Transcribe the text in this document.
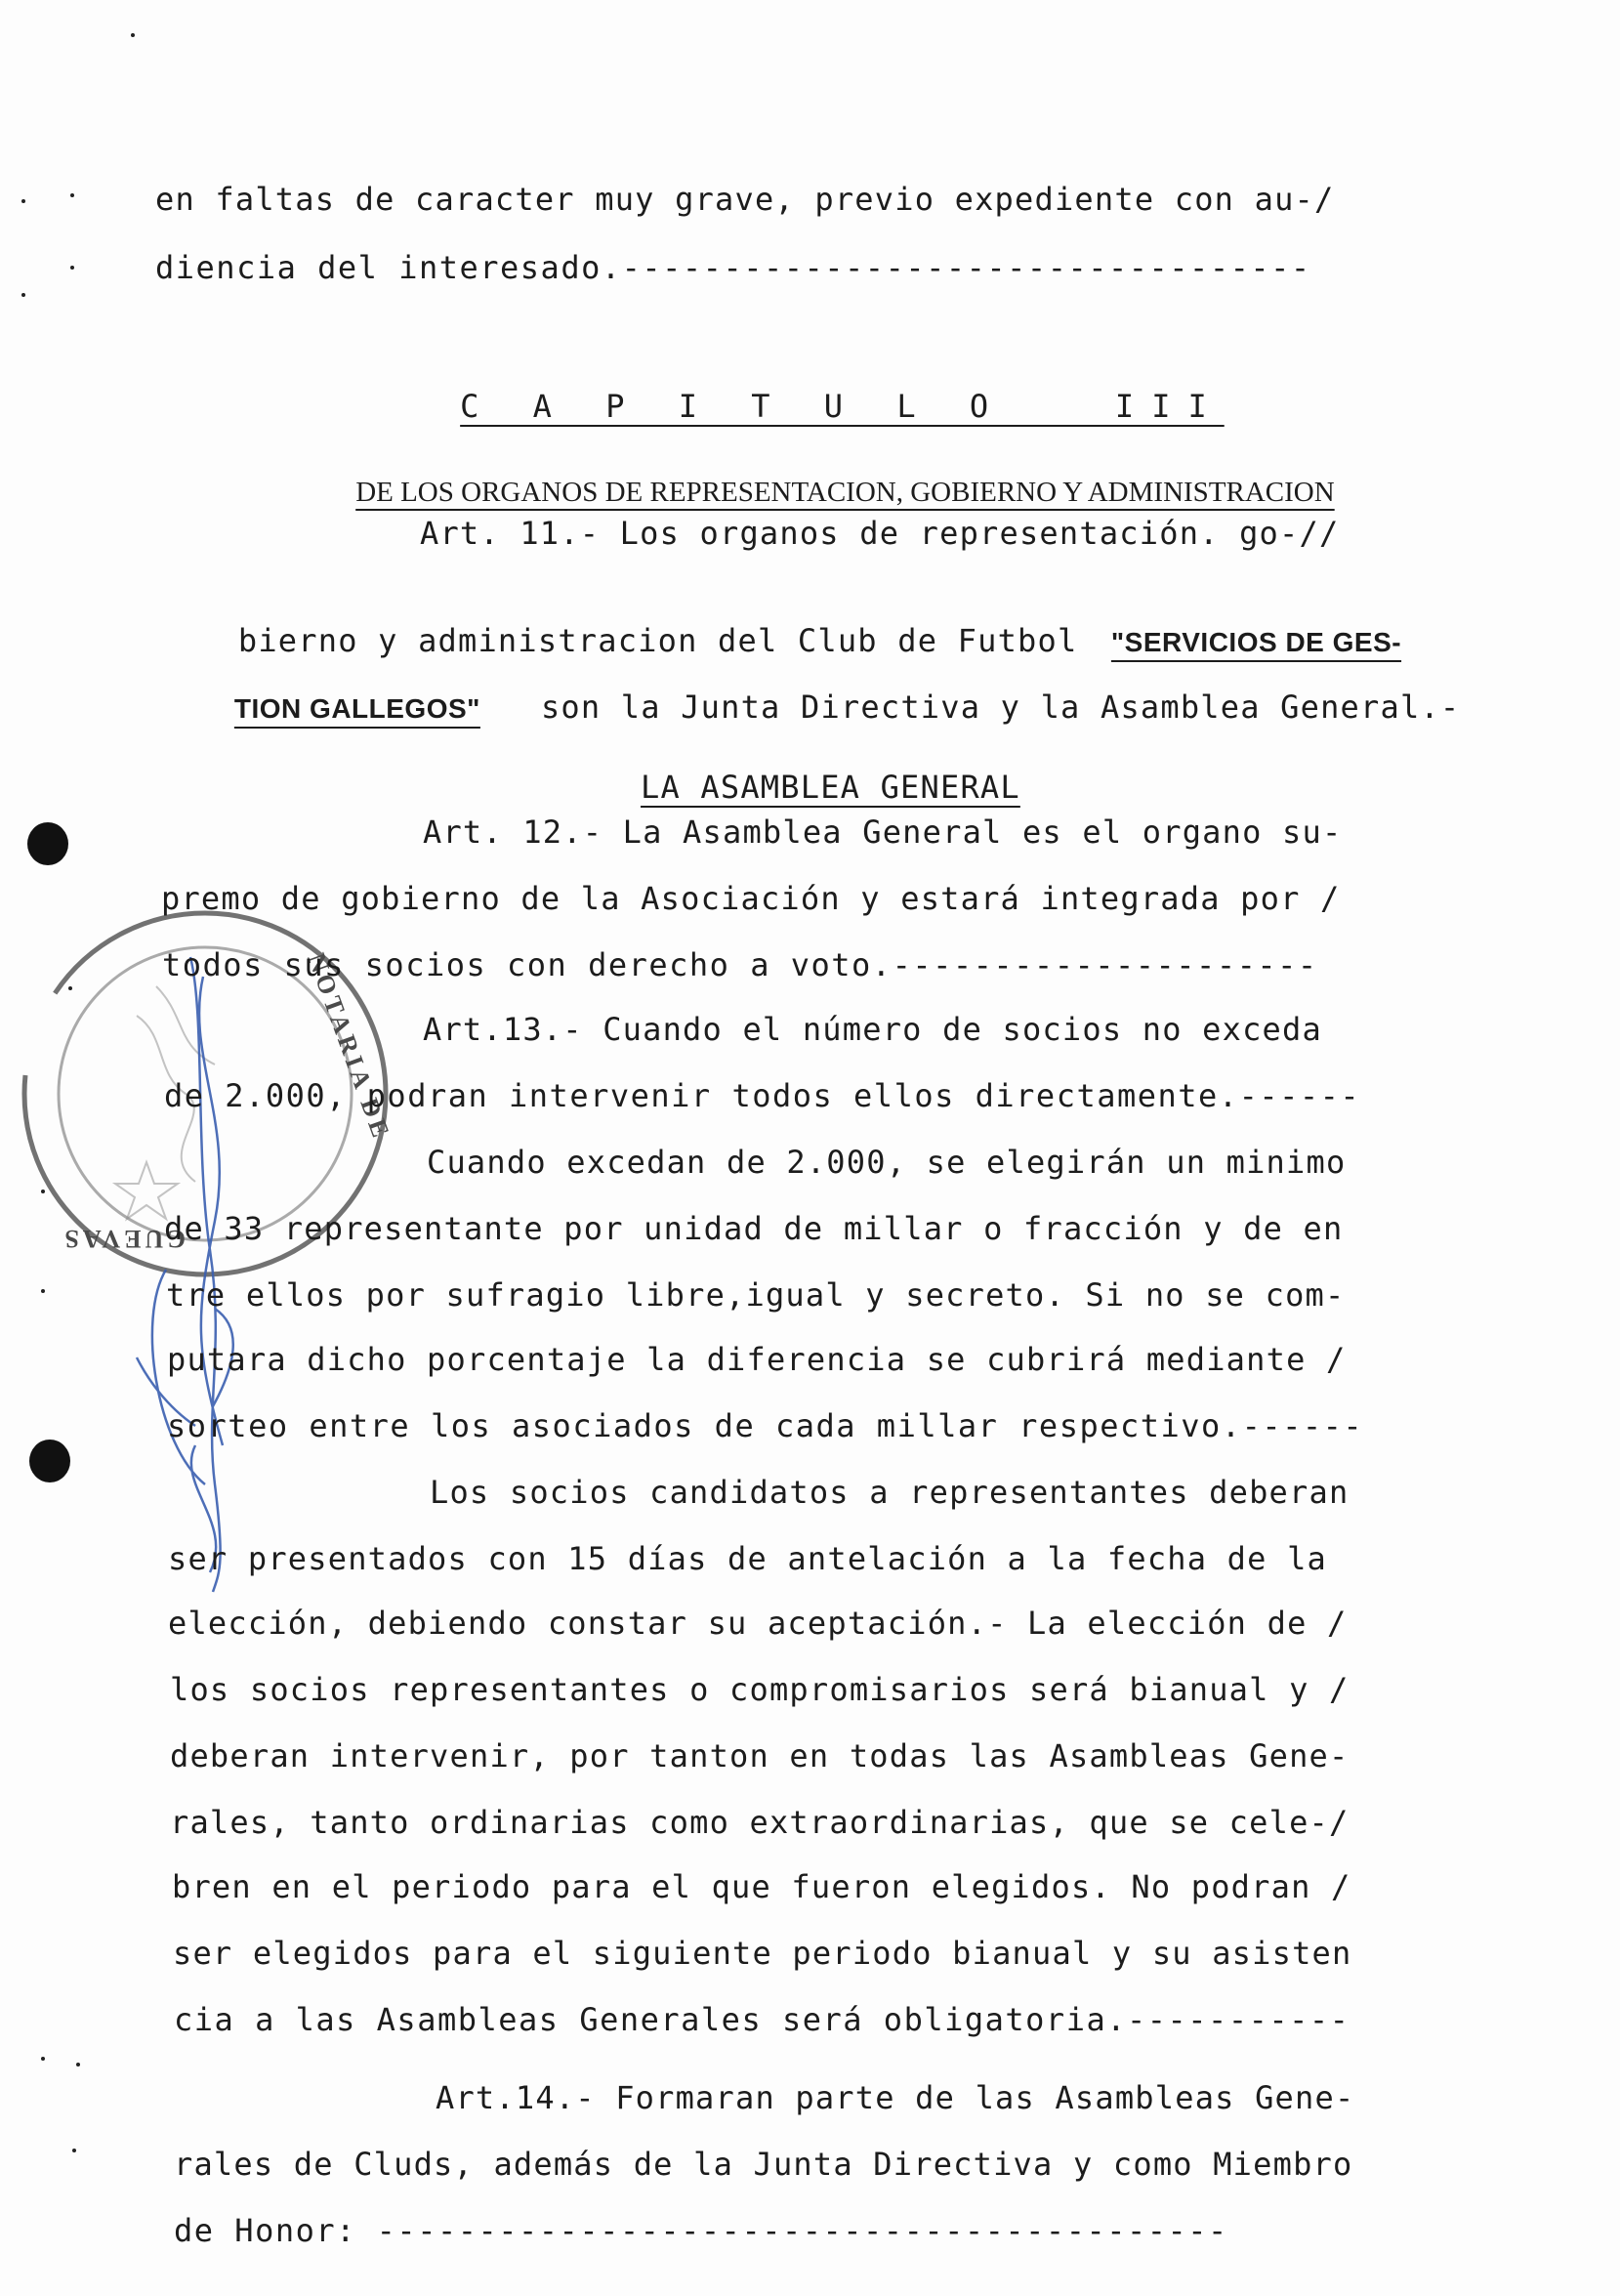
NOTARIA DE
CUEVAS
en faltas de caracter muy grave, previo expediente con au-/
diencia del interesado.----------------------------------

C A P I T U L O   III

DE LOS ORGANOS DE REPRESENTACION, GOBIERNO Y ADMINISTRACION

Art. 11.- Los organos de representación. go-//

bierno y administracion del Club de Futbol "SERVICIOS DE GES-

TION GALLEGOS" son la Junta Directiva y la Asamblea General.-

LA ASAMBLEA GENERAL

Art. 12.- La Asamblea General es el organo su-
premo de gobierno de la Asociación y estará integrada por /
todos sus socios con derecho a voto.---------------------
Art.13.- Cuando el número de socios no exceda
de 2.000, podran intervenir todos ellos directamente.------
Cuando excedan de 2.000, se elegirán un minimo
de 33 representante por unidad de millar o fracción y de en
tre ellos por sufragio libre,igual y secreto. Si no se com-
putara dicho porcentaje la diferencia se cubrirá mediante /
sorteo entre los asociados de cada millar respectivo.------
Los socios candidatos a representantes deberan
ser presentados con 15 días de antelación a la fecha de la
elección, debiendo constar su aceptación.- La elección de /
los socios representantes o compromisarios será bianual y /
deberan intervenir, por tanton en todas las Asambleas Gene-
rales, tanto ordinarias como extraordinarias, que se cele-/
bren en el periodo para el que fueron elegidos. No podran /
ser elegidos para el siguiente periodo bianual y su asisten
cia a las Asambleas Generales será obligatoria.-----------
Art.14.- Formaran parte de las Asambleas Gene-
rales de Cluds, además de la Junta Directiva y como Miembro
de Honor: ------------------------------------------
